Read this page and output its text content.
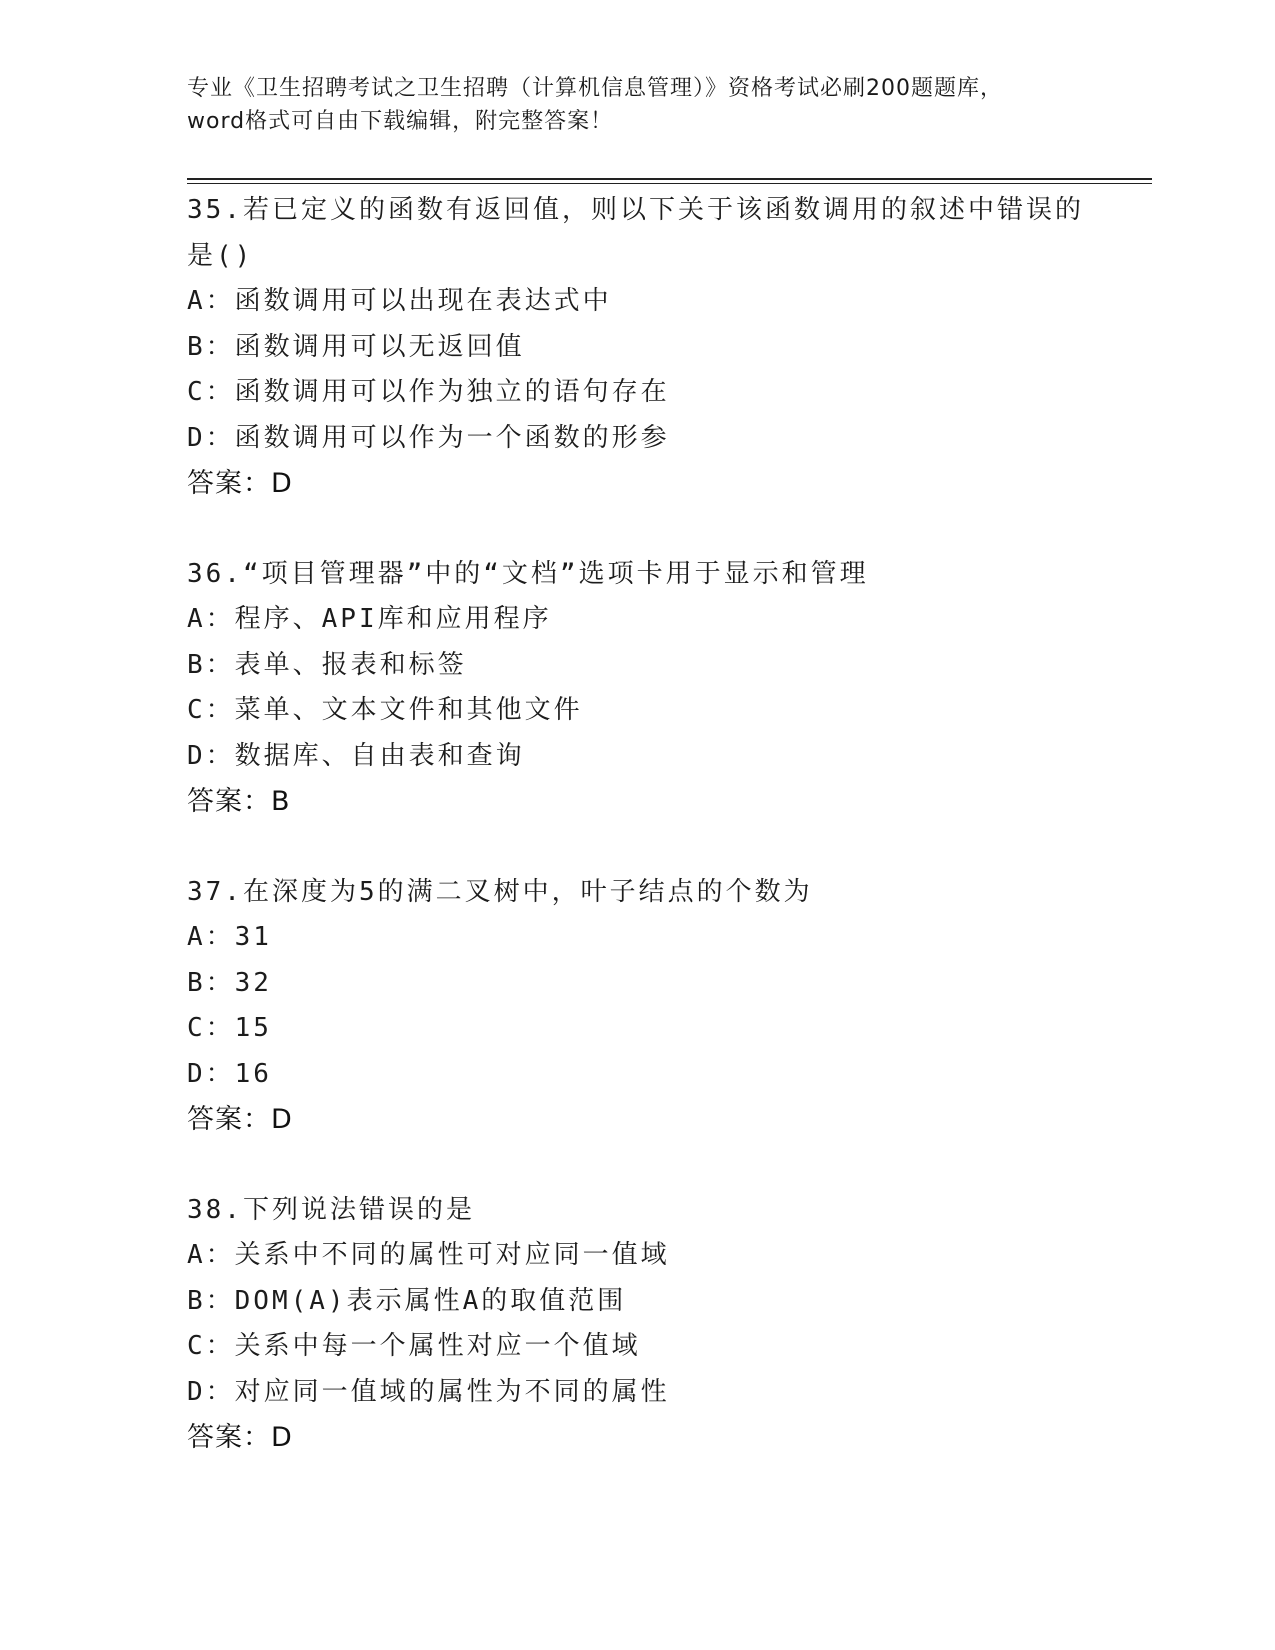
专业《卫生招聘考试之卫生招聘（计算机信息管理）》资格考试必刷200题题库，
word格式可自由下载编辑，附完整答案！
35.若已定义的函数有返回值，则以下关于该函数调用的叙述中错误的
是()
A：函数调用可以出现在表达式中
B：函数调用可以无返回值
C：函数调用可以作为独立的语句存在
D：函数调用可以作为一个函数的形参
答案：D
36.“项目管理器”中的“文档”选项卡用于显示和管理
A：程序、API库和应用程序
B：表单、报表和标签
C：菜单、文本文件和其他文件
D：数据库、自由表和查询
答案：B
37.在深度为5的满二叉树中，叶子结点的个数为
A：31
B：32
C：15
D：16
答案：D
38.下列说法错误的是
A：关系中不同的属性可对应同一值域
B：DOM(A)表示属性A的取值范围
C：关系中每一个属性对应一个值域
D：对应同一值域的属性为不同的属性
答案：D
